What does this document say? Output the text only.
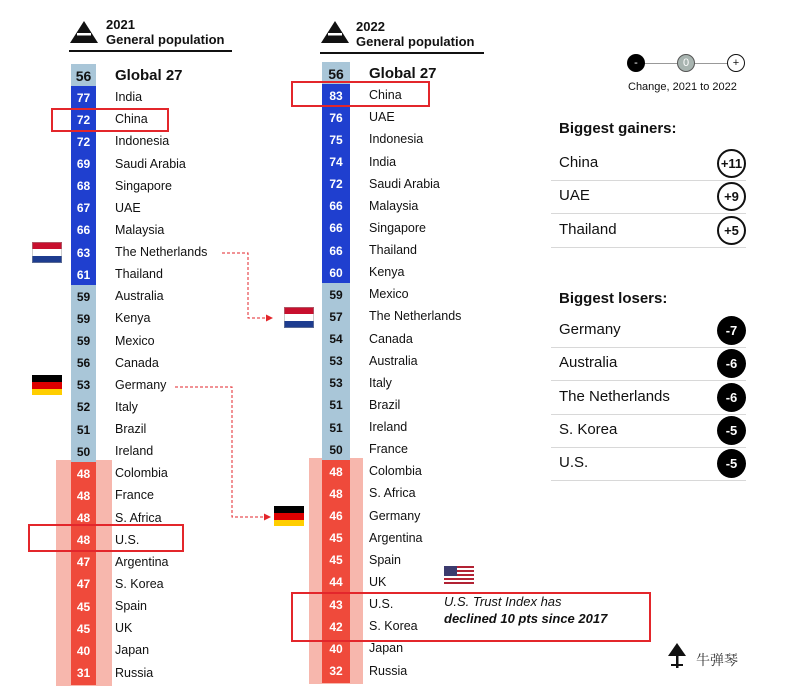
2021
General population
2022
General population
56	Global 27
77	India
72	China
72	Indonesia
69	Saudi Arabia
68	Singapore
67	UAE
66	Malaysia
63	The Netherlands
61	Thailand
59	Australia
59	Kenya
59	Mexico
56	Canada
53	Germany
52	Italy
51	Brazil
50	Ireland
48	Colombia
48	France
48	S. Africa
48	U.S.
47	Argentina
47	S. Korea
45	Spain
45	UK
40	Japan
31	Russia
56	Global 27
83	China
76	UAE
75	Indonesia
74	India
72	Saudi Arabia
66	Malaysia
66	Singapore
66	Thailand
60	Kenya
59	Mexico
57	The Netherlands
54	Canada
53	Australia
53	Italy
51	Brazil
51	Ireland
50	France
48	Colombia
48	S. Africa
46	Germany
45	Argentina
45	Spain
44	UK
43	U.S.
42	S. Korea
40	Japan
32	Russia
U.S. Trust Index has
declined 10 pts since 2017
-	0	+
Change, 2021 to 2022
Biggest gainers:
China	+11
UAE	+9
Thailand	+5
Biggest losers:
Germany	-7
Australia	-6
The Netherlands	-6
S. Korea	-5
U.S.	-5
牛弹琴
